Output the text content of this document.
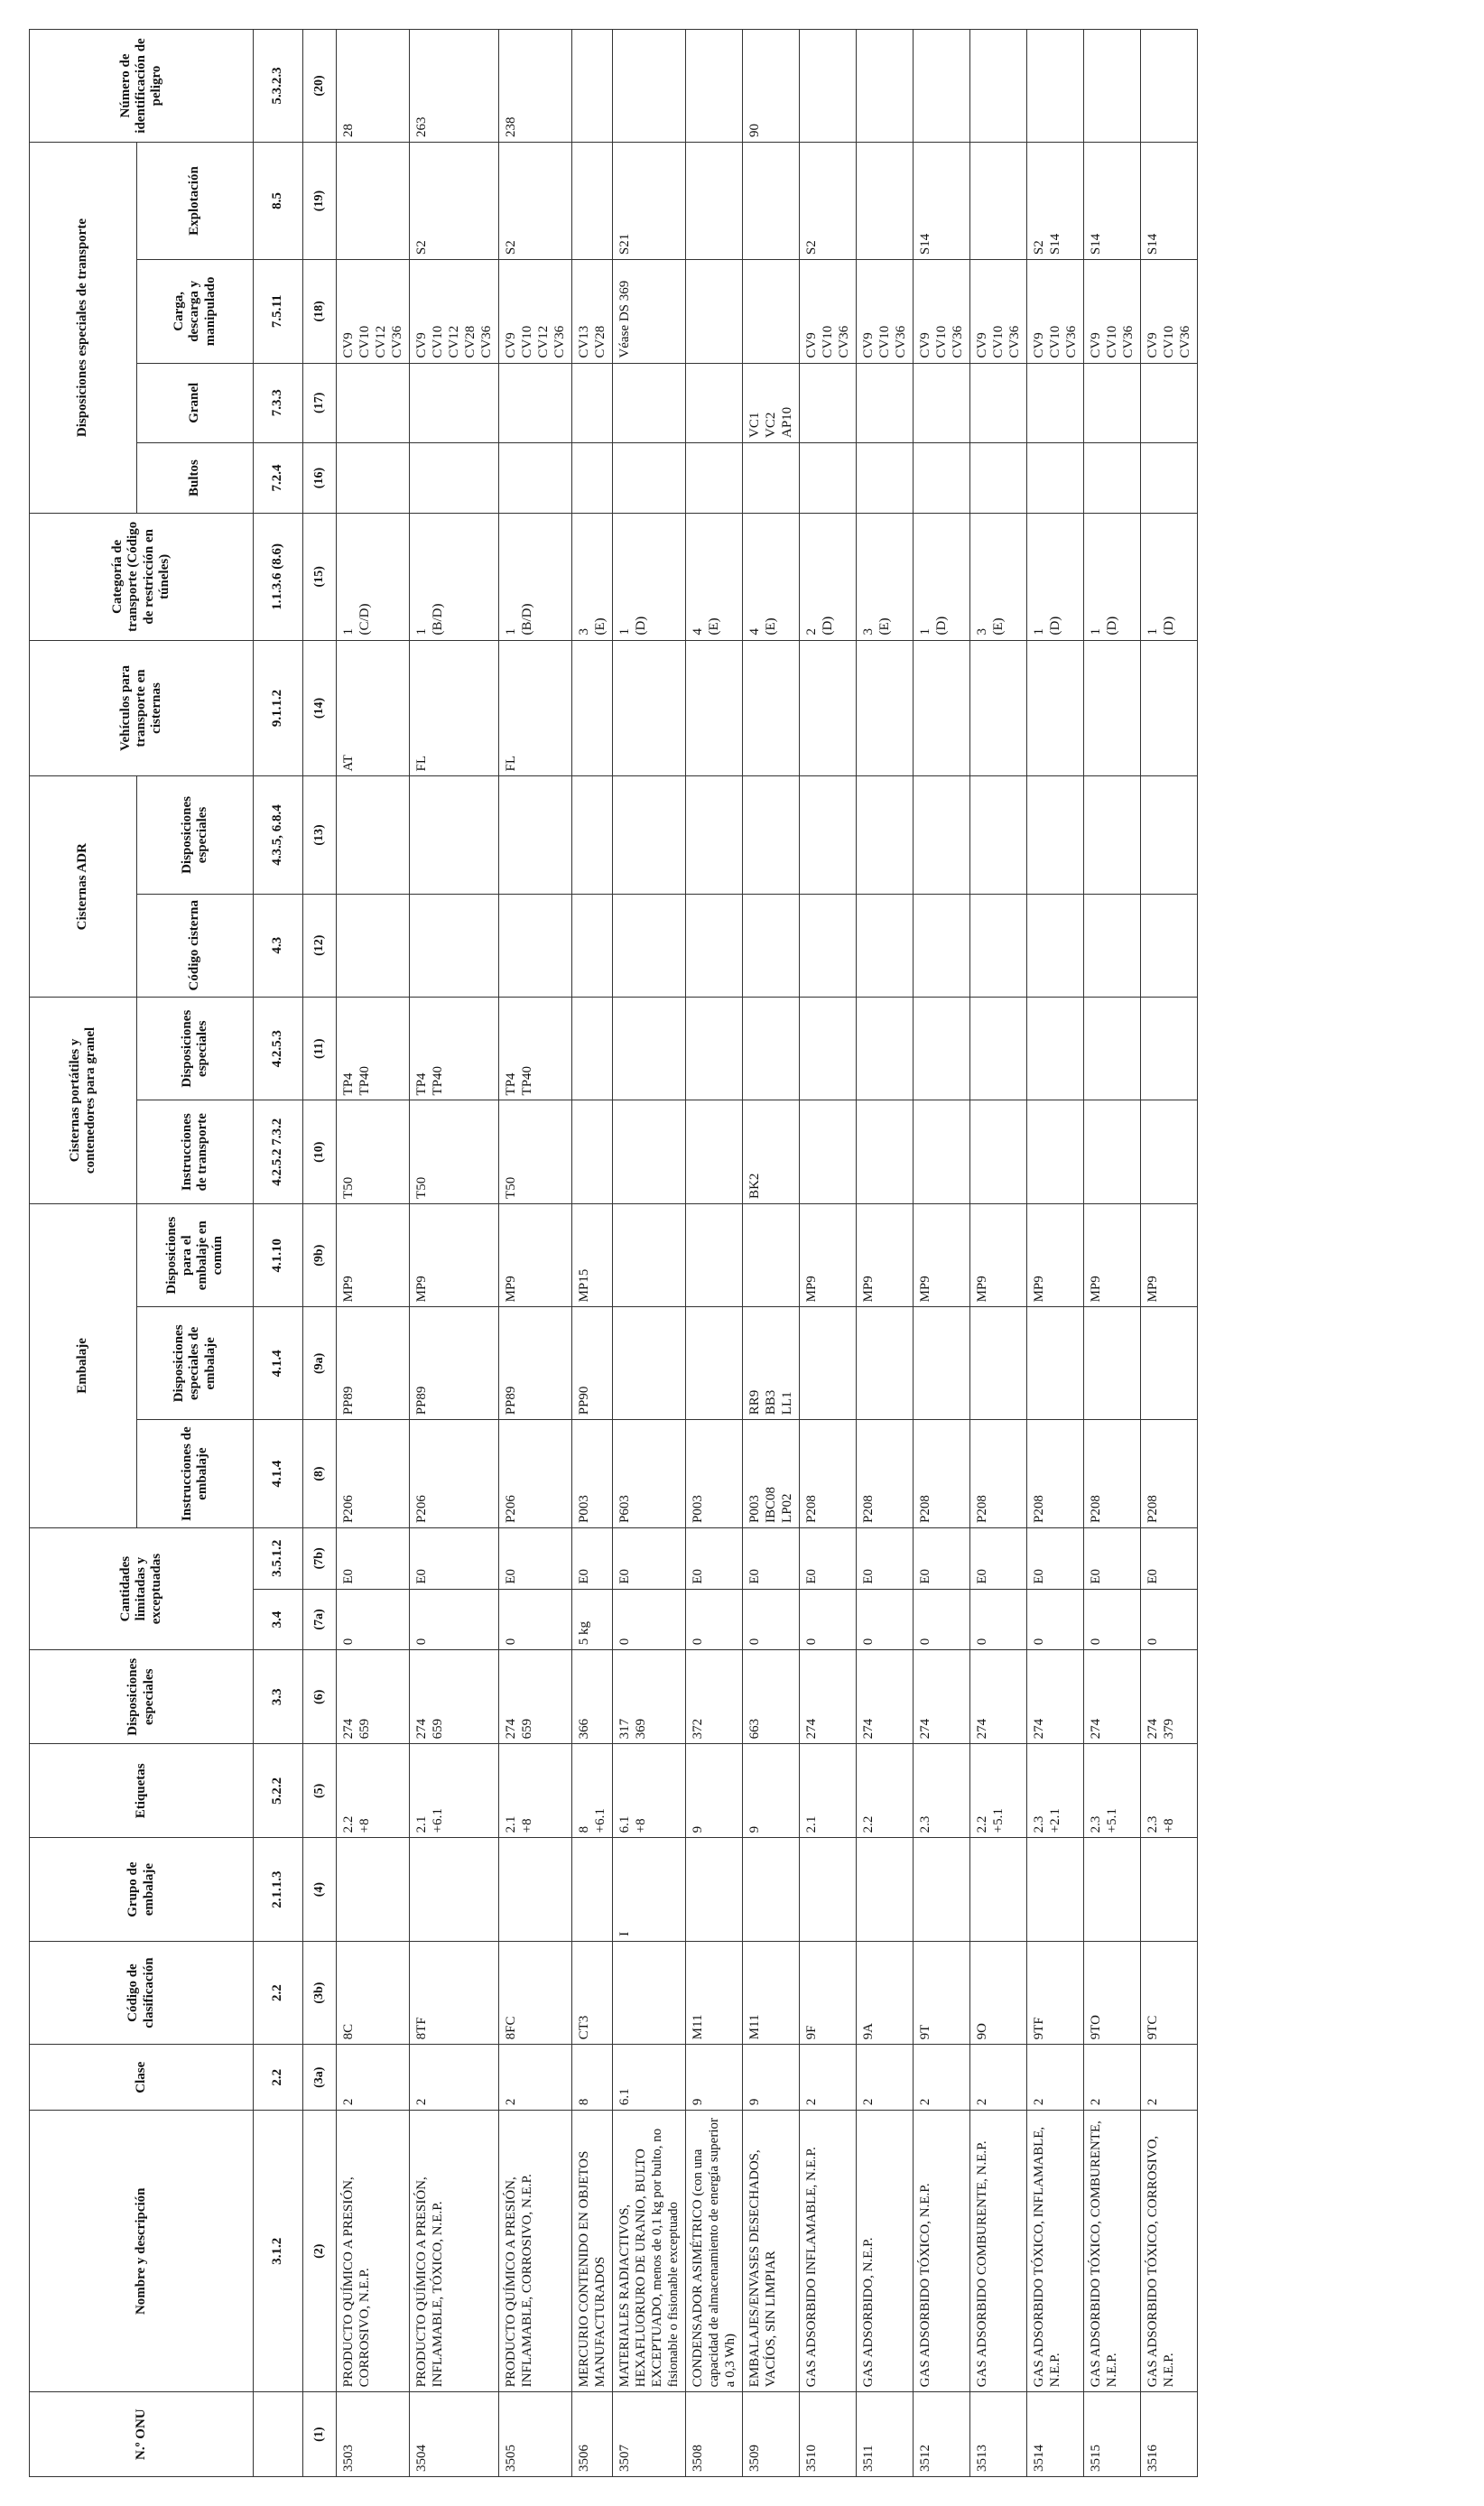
N.º ONU	Nombre y descripción	Clase	Código de clasificación	Grupo de embalaje	Etiquetas	Disposiciones especiales	Cantidades limitadas y exceptuadas		Embalaje			Cisternas portátiles y contenedores para granel		Cisternas ADR		Vehículos para transporte en cisternas	Categoría de transporte (Código de restricción en túneles)	Disposiciones especiales de transporte				Número de identificación de peligro
									Instrucciones de embalaje	Disposiciones especiales de embalaje	Disposiciones para el embalaje en común	Instrucciones de transporte	Disposiciones especiales	Código cisterna	Disposiciones especiales			Bultos	Granel	Carga, descarga y manipulado	Explotación	
	3.1.2	2.2	2.2	2.1.1.3	5.2.2	3.3	3.4	3.5.1.2	4.1.4	4.1.4	4.1.10	4.2.5.2 7.3.2	4.2.5.3	4.3	4.3.5, 6.8.4	9.1.1.2	1.1.3.6 (8.6)	7.2.4	7.3.3	7.5.11	8.5	5.3.2.3
(1)	(2)	(3a)	(3b)	(4)	(5)	(6)	(7a)	(7b)	(8)	(9a)	(9b)	(10)	(11)	(12)	(13)	(14)	(15)	(16)	(17)	(18)	(19)	(20)

3503	PRODUCTO QUÍMICO A PRESIÓN, CORROSIVO, N.E.P.	2	8C		2.2 +8	274 659	0	E0	P206	PP89	MP9	T50	TP4 TP40			AT	1 (C/D)			CV9 CV10 CV12 CV36		28

3504	PRODUCTO QUÍMICO A PRESIÓN, INFLAMABLE, TÓXICO, N.E.P.	2	8TF		2.1 +6.1	274 659	0	E0	P206	PP89	MP9	T50	TP4 TP40			FL	1 (B/D)			CV9 CV10 CV12 CV28 CV36	S2	263

3505	PRODUCTO QUÍMICO A PRESIÓN, INFLAMABLE, CORROSIVO, N.E.P.	2	8FC		2.1 +8	274 659	0	E0	P206	PP89	MP9	T50	TP4 TP40			FL	1 (B/D)			CV9 CV10 CV12 CV36	S2	238

3506	MERCURIO CONTENIDO EN OBJETOS MANUFACTURADOS	8	CT3		8 +6.1	366	5 kg	E0	P003	PP90	MP15						3 (E)			CV13 CV28		

3507	MATERIALES RADIACTIVOS, HEXAFLUORURO DE URANIO, BULTO EXCEPTUADO, menos de 0,1 kg por bulto, no fisionable o fisionable exceptuado	6.1		I	6.1 +8	317 369	0	E0	P603								1 (D)			Véase DS 369	S21	

3508	CONDENSADOR ASIMÉTRICO (con una capacidad de almacenamiento de energía superior a 0,3 Wh)	9	M11		9	372	0	E0	P003								4 (E)					

3509	EMBALAJES/ENVASES DESECHADOS, VACÍOS, SIN LIMPIAR	9	M11		9	663	0	E0	P003 IBC08 LP02	RR9 BB3 LL1		BK2					4 (E)		VC1 VC2 AP10			90

3510	GAS ADSORBIDO INFLAMABLE, N.E.P.	2	9F		2.1	274	0	E0	P208		MP9						2 (D)			CV9 CV10 CV36	S2	

3511	GAS ADSORBIDO, N.E.P.	2	9A		2.2	274	0	E0	P208		MP9						3 (E)			CV9 CV10 CV36		

3512	GAS ADSORBIDO TÓXICO, N.E.P.	2	9T		2.3	274	0	E0	P208		MP9						1 (D)			CV9 CV10 CV36	S14	

3513	GAS ADSORBIDO COMBURENTE, N.E.P.	2	9O		2.2 +5.1	274	0	E0	P208		MP9						3 (E)			CV9 CV10 CV36		

3514	GAS ADSORBIDO TÓXICO, INFLAMABLE, N.E.P.	2	9TF		2.3 +2.1	274	0	E0	P208		MP9						1 (D)			CV9 CV10 CV36	S2 S14	

3515	GAS ADSORBIDO TÓXICO, COMBURENTE, N.E.P.	2	9TO		2.3 +5.1	274	0	E0	P208		MP9						1 (D)			CV9 CV10 CV36	S14	

3516	GAS ADSORBIDO TÓXICO, CORROSIVO, N.E.P.	2	9TC		2.3 +8	274 379	0	E0	P208		MP9						1 (D)			CV9 CV10 CV36	S14	
